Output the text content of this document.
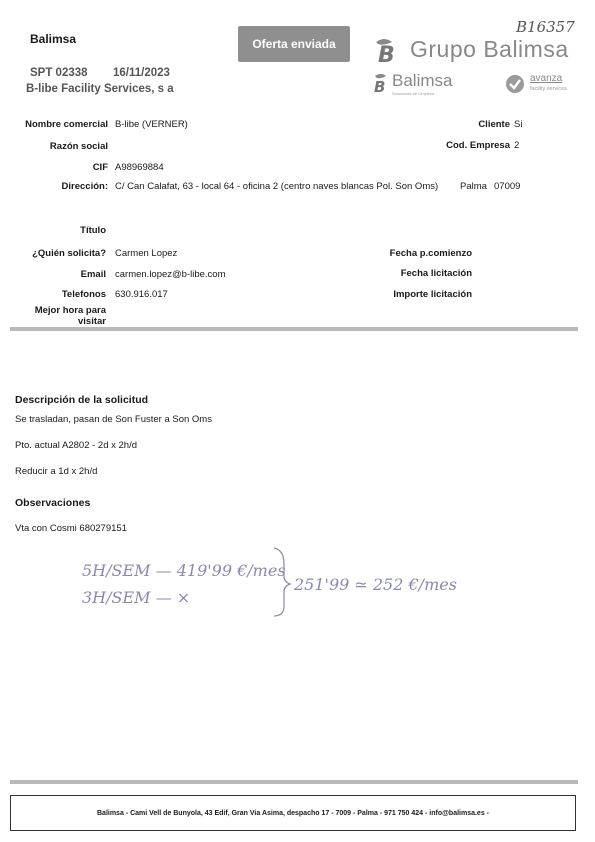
Balimsa
SPT 02338 16/11/2023
B-libe Facility Services, s a
Oferta enviada
B16357
B Grupo Balimsa
B Balimsa
Soluciones de Limpieza
avanza
facility services
Nombre comercial B-libe (VERNER)
Razón social
CIF A98969884
Dirección: C/ Can Calafat, 63 - local 64 - oficina 2 (centro naves blancas Pol. Son Oms) Palma 07009
Cliente Si
Cod. Empresa 2
Título
¿Quién solicita? Carmen Lopez
Email carmen.lopez@b-libe.com
Telefonos 630.916.017
Mejor hora para
visitar
Fecha p.comienzo
Fecha licitación
Importe licitación
Descripción de la solicitud
Se trasladan, pasan de Son Fuster a Son Oms
Pto. actual A2802 - 2d x 2h/d
Reducir a 1d x 2h/d
Observaciones
Vta con Cosmi 680279151
5H/SEM — 419'99 €/mes
3H/SEM — ×
251'99 ≃ 252 €/mes
Balimsa - Cami Vell de Bunyola, 43 Edif, Gran Via Asima, despacho 17 - 7009 - Palma - 971 750 424 - info@balimsa.es -
